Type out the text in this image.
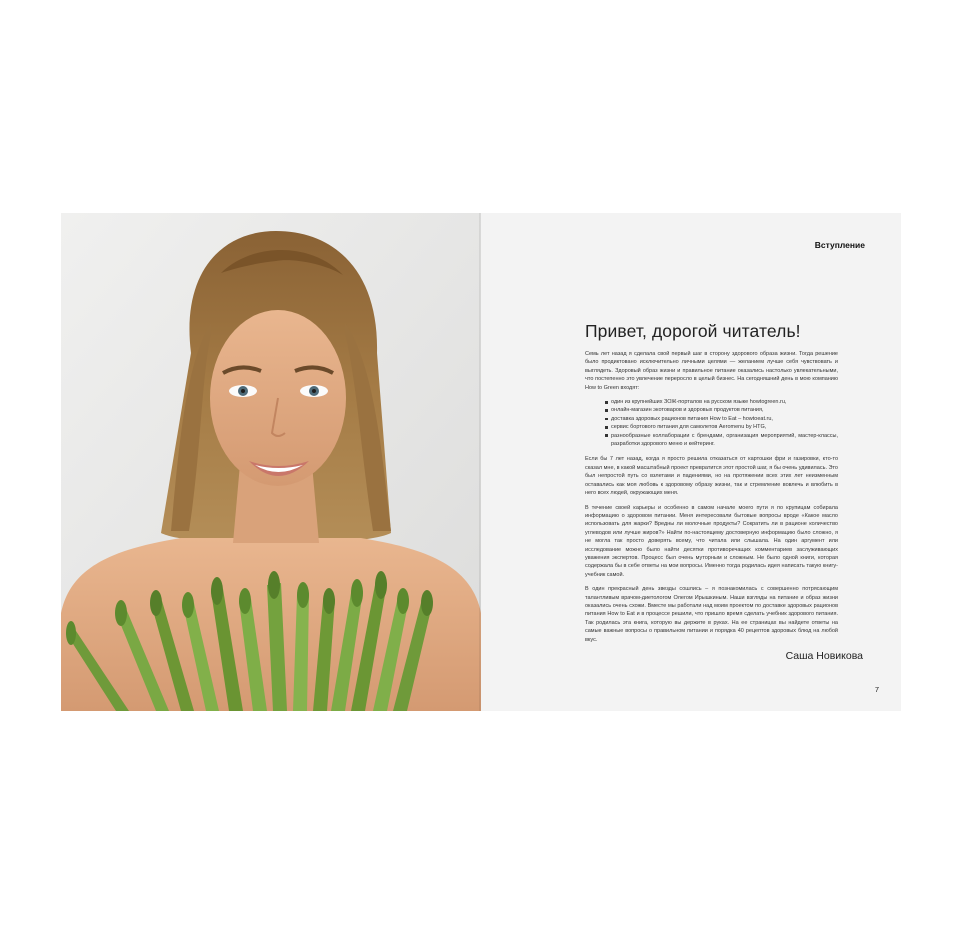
Вступление
Привет, дорогой читатель!

Семь лет назад я сделала свой первый шаг в сторону здорового образа жизни. Тогда решение было продиктовано исключительно личными целями — желанием лучше себя чувствовать и выглядеть. Здоровый образ жизни и правильное питание оказались настолько увлекательными, что постепенно это увлечение переросло в целый бизнес. На сегодняшний день в мою компанию How to Green входят:

один из крупнейших ЗОЖ-порталов на русском языке howtogreen.ru,
онлайн-магазин экотоваров и здоровых продуктов питания,
доставка здоровых рационов питания How to Eat – howtoeat.ru,
сервис бортового питания для самолетов Aeromenu by HTG,
разнообразные коллаборации с брендами, организация мероприятий, мастер-классы, разработки здорового меню и кейтеринг.

Если бы 7 лет назад, когда я просто решила отказаться от картошки фри и газировки, кто-то сказал мне, в какой масштабный проект превратится этот простой шаг, я бы очень удивилась. Это был непростой путь со взлетами и падениями, но на протяжении всех этих лет неизменным оставались как моя любовь к здоровому образу жизни, так и стремление вовлечь и влюбить в него всех людей, окружающих меня.

В течение своей карьеры и особенно в самом начале моего пути я по крупицам собирала информацию о здоровом питании. Меня интересовали бытовые вопросы вроде «Какое масло использовать для жарки? Вредны ли молочные продукты? Сократить ли в рационе количество углеводов или лучше жиров?» Найти по-настоящему достоверную информацию было сложно, я не могла так просто доверять всему, что читала или слышала. На один аргумент или исследование можно было найти десятки противоречащих комментариев заслуживающих уважения экспертов. Процесс был очень муторным и сложным. Не было одной книги, которая содержала бы в себе ответы на мои вопросы. Именно тогда родилась идея написать такую книгу-учебник самой.

В один прекрасный день звезды сошлись – я познакомилась с совершенно потрясающим талантливым врачом-диетологом Олегом Ирышкиным. Наши взгляды на питание и образ жизни оказались очень схожи. Вместе мы работали над моим проектом по доставке здоровых рационов питания How to Eat и в процессе решили, что пришло время сделать учебник здорового питания. Так родилась эта книга, которую вы держите в руках. На ее страницах вы найдете ответы на самые важные вопросы о правильном питании и порядка 40 рецептов здоровых блюд на любой вкус.

Саша Новикова
7
